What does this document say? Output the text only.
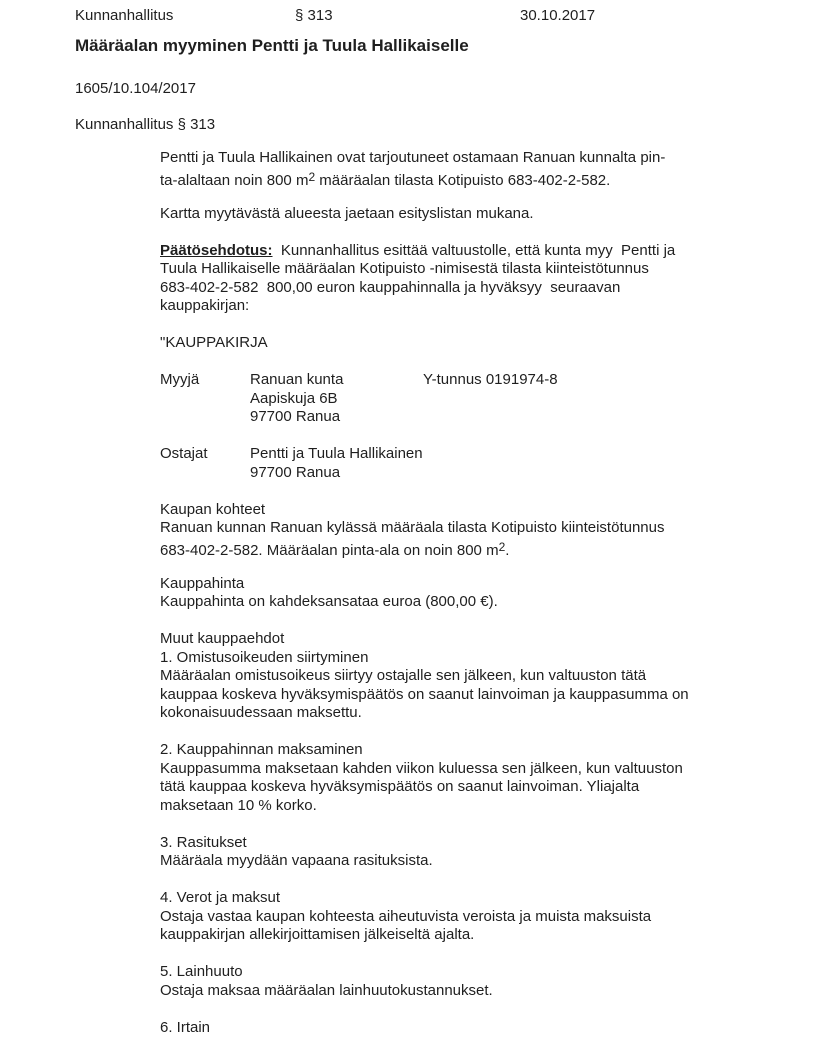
Kunnanhallitus	§ 313	30.10.2017
Määräalan myyminen Pentti ja Tuula Hallikaiselle
1605/10.104/2017
Kunnanhallitus § 313
Pentti ja Tuula Hallikainen ovat tarjoutuneet ostamaan Ranuan kunnalta pin-
ta-alaltaan noin 800 $m^2$ määräalan tilasta Kotipuisto 683-402-2-582.
Kartta myytävästä alueesta jaetaan esityslistan mukana.
Päätösehdotus:  Kunnanhallitus esittää valtuustolle, että kunta myy  Pentti ja
Tuula Hallikaiselle määräalan Kotipuisto -nimisestä tilasta kiinteistötunnus
683-402-2-582  800,00 euron kauppahinnalla ja hyväksyy  seuraavan
kauppakirjan:
"KAUPPAKIRJA
Myyjä	Ranuan kunta	Y-tunnus 0191974-8
Aapiskuja 6B
97700 Ranua
Ostajat	Pentti ja Tuula Hallikainen
97700 Ranua
Kaupan kohteet
Ranuan kunnan Ranuan kylässä määräala tilasta Kotipuisto kiinteistötunnus
683-402-2-582. Määräalan pinta-ala on noin 800 $m^2$.
Kauppahinta
Kauppahinta on kahdeksansataa euroa (800,00 €).
Muut kauppaehdot
1. Omistusoikeuden siirtyminen
Määräalan omistusoikeus siirtyy ostajalle sen jälkeen, kun valtuuston tätä
kauppaa koskeva hyväksymispäätös on saanut lainvoiman ja kauppasumma on
kokonaisuudessaan maksettu.
2. Kauppahinnan maksaminen
Kauppasumma maksetaan kahden viikon kuluessa sen jälkeen, kun valtuuston
tätä kauppaa koskeva hyväksymispäätös on saanut lainvoiman. Yliajalta
maksetaan 10 % korko.
3. Rasitukset
Määräala myydään vapaana rasituksista.
4. Verot ja maksut
Ostaja vastaa kaupan kohteesta aiheutuvista veroista ja muista maksuista
kauppakirjan allekirjoittamisen jälkeiseltä ajalta.
5. Lainhuuto
Ostaja maksaa määräalan lainhuutokustannukset.
6. Irtain
